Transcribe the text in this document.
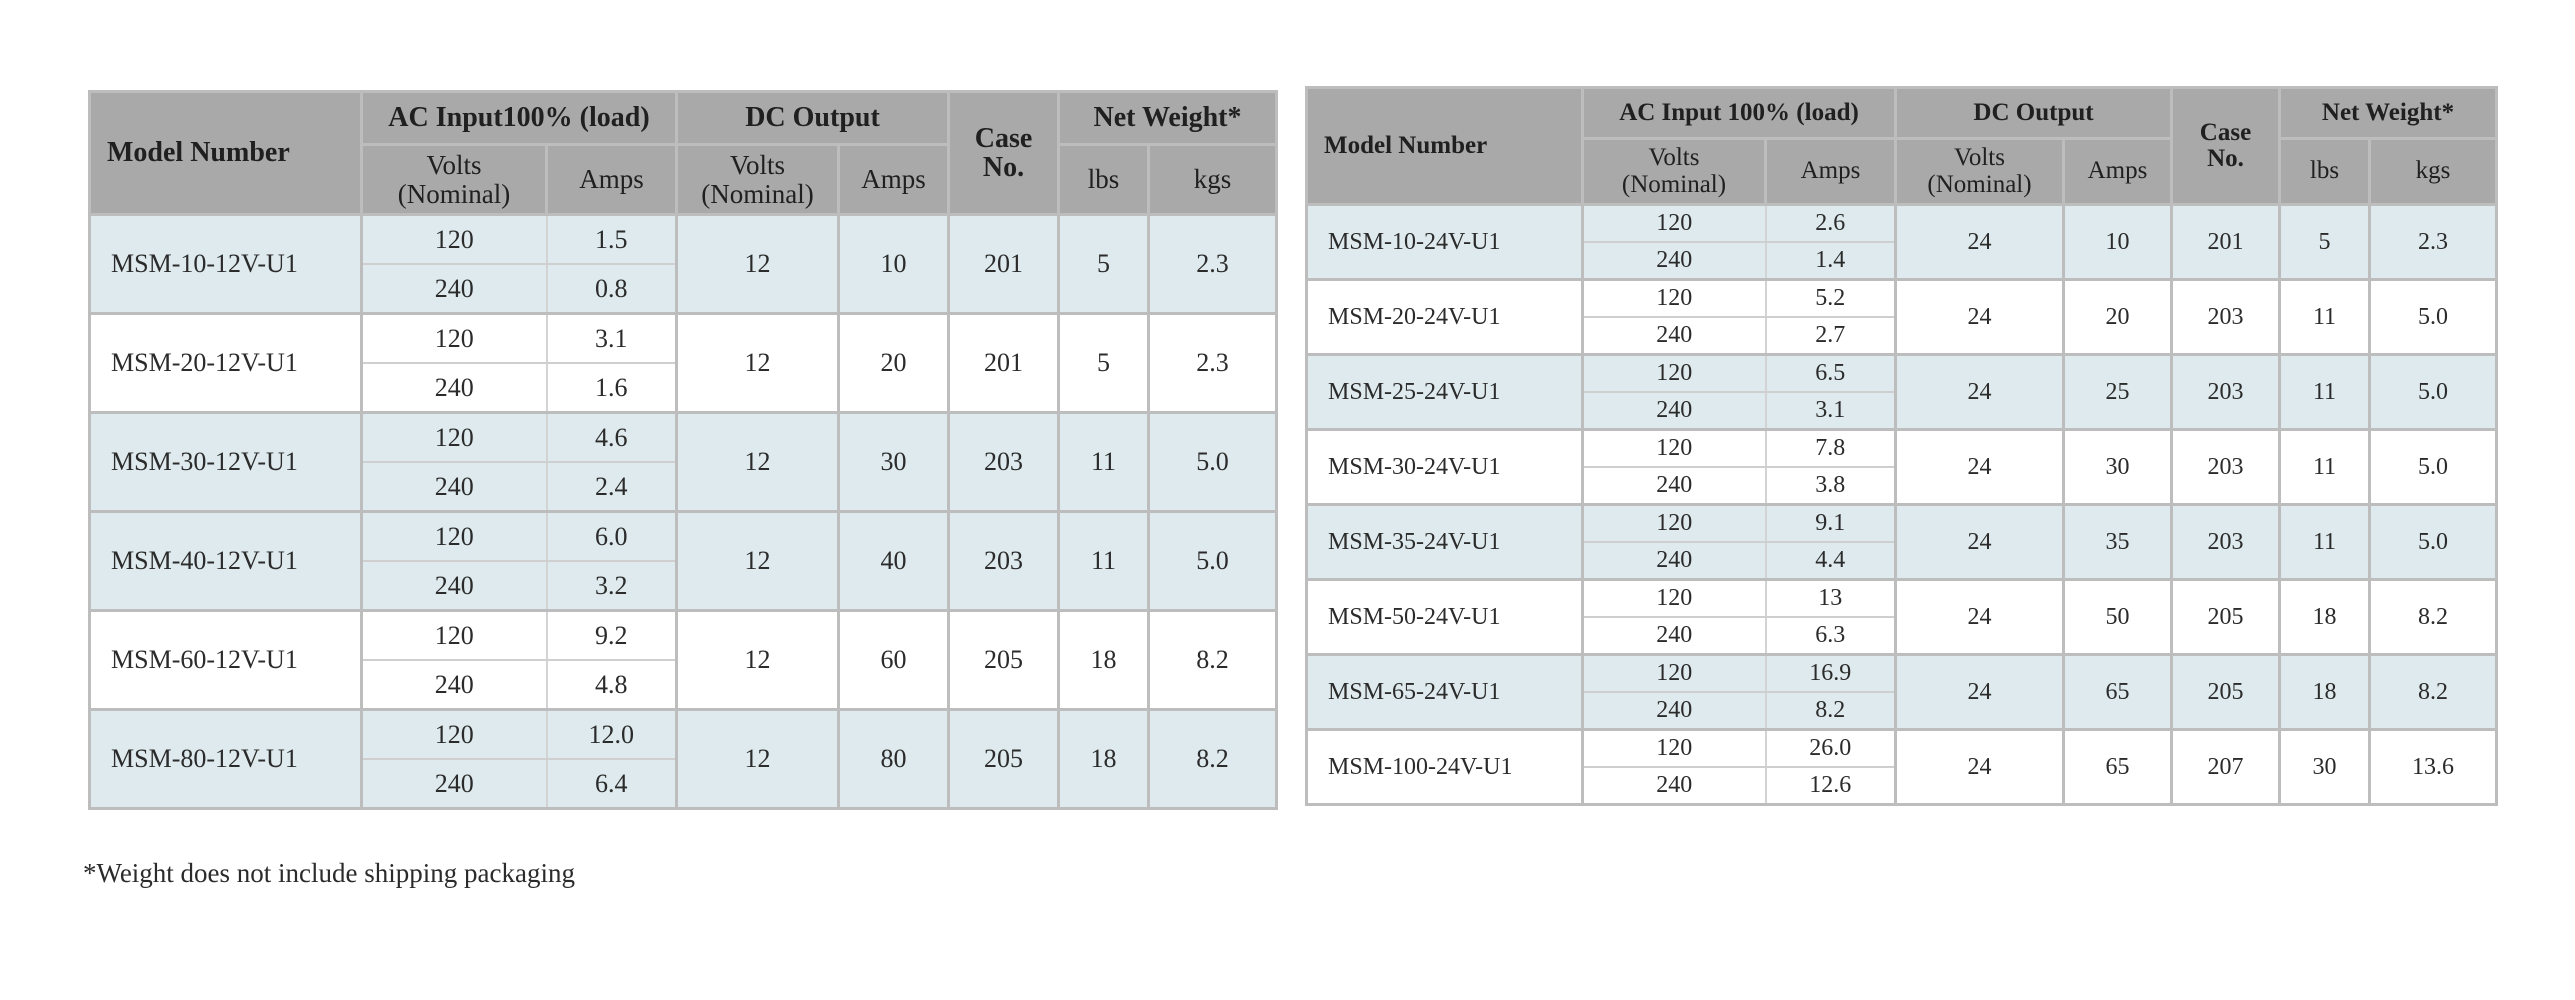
Model Number	AC Input100% (load)		DC Output		Case No.	Net Weight*	
	Volts (Nominal)	Amps	Volts (Nominal)	Amps		lbs	kgs
MSM-10-12V-U1	120	1.5	12	10	201	5	2.3
	240	0.8					
MSM-20-12V-U1	120	3.1	12	20	201	5	2.3
	240	1.6					
MSM-30-12V-U1	120	4.6	12	30	203	11	5.0
	240	2.4					
MSM-40-12V-U1	120	6.0	12	40	203	11	5.0
	240	3.2					
MSM-60-12V-U1	120	9.2	12	60	205	18	8.2
	240	4.8					
MSM-80-12V-U1	120	12.0	12	80	205	18	8.2
	240	6.4					
Model Number	AC Input 100% (load)		DC Output		Case No.	Net Weight*	
	Volts (Nominal)	Amps	Volts (Nominal)	Amps		lbs	kgs
MSM-10-24V-U1	120	2.6	24	10	201	5	2.3
	240	1.4					
MSM-20-24V-U1	120	5.2	24	20	203	11	5.0
	240	2.7					
MSM-25-24V-U1	120	6.5	24	25	203	11	5.0
	240	3.1					
MSM-30-24V-U1	120	7.8	24	30	203	11	5.0
	240	3.8					
MSM-35-24V-U1	120	9.1	24	35	203	11	5.0
	240	4.4					
MSM-50-24V-U1	120	13	24	50	205	18	8.2
	240	6.3					
MSM-65-24V-U1	120	16.9	24	65	205	18	8.2
	240	8.2					
MSM-100-24V-U1	120	26.0	24	65	207	30	13.6
	240	12.6					
*Weight does not include shipping packaging
